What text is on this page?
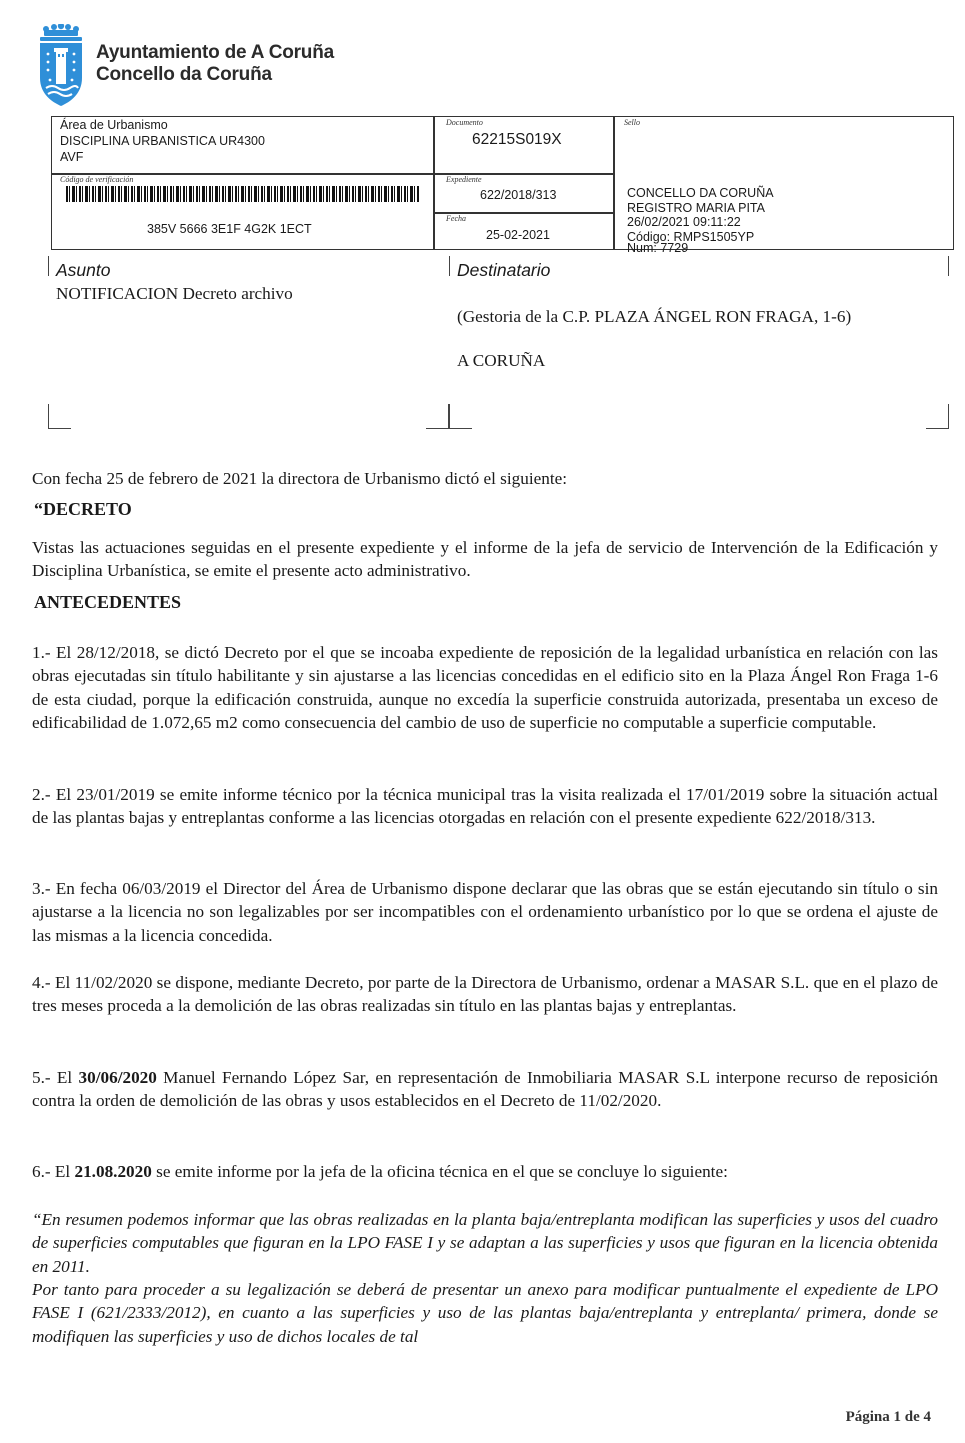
Ayuntamiento de A Coruña
Concello da Coruña
Área de Urbanismo
DISCIPLINA URBANISTICA UR4300
AVF
Documento
62215S019X
Sello
Código de verificación
385V 5666 3E1F 4G2K 1ECT
Expediente
622/2018/313
Fecha
25-02-2021
CONCELLO DA CORUÑA
REGISTRO MARIA PITA
26/02/2021 09:11:22
Código: RMPS1505YP
Num: 7729
Asunto
NOTIFICACION Decreto archivo
Destinatario
(Gestoria de la C.P. PLAZA ÁNGEL RON FRAGA, 1-6)
A CORUÑA
Con fecha 25 de febrero de 2021 la directora de Urbanismo dictó el siguiente:
“DECRETO
Vistas las actuaciones seguidas en el presente expediente y el informe de la jefa de servicio de Intervención de la Edificación y Disciplina Urbanística, se emite el presente acto administrativo.
ANTECEDENTES
1.- El 28/12/2018, se dictó Decreto por el que se incoaba expediente de reposición de la legalidad urbanística en relación con las obras ejecutadas sin título habilitante y sin ajustarse a las licencias concedidas en el edificio sito en la Plaza Ángel Ron Fraga 1-6 de esta ciudad, porque la edificación construida, aunque no excedía la superficie construida autorizada, presentaba un exceso de edificabilidad de 1.072,65 m2 como consecuencia del cambio de uso de superficie no computable a superficie computable.
2.- El 23/01/2019 se emite informe técnico por la técnica municipal tras la visita realizada el 17/01/2019 sobre la situación actual de las plantas bajas y entreplantas conforme a las licencias otorgadas en relación con el presente expediente 622/2018/313.
3.- En fecha 06/03/2019 el Director del Área de Urbanismo dispone declarar que las obras que se están ejecutando sin título o sin ajustarse a la licencia no son legalizables por ser incompatibles con el ordenamiento urbanístico por lo que se ordena el ajuste de las mismas a la licencia concedida.
4.- El 11/02/2020 se dispone, mediante Decreto, por parte de la Directora de Urbanismo, ordenar a MASAR S.L. que en el plazo de tres meses proceda a la demolición de las obras realizadas sin título en las plantas bajas y entreplantas.
5.- El 30/06/2020 Manuel Fernando López Sar, en representación de Inmobiliaria MASAR S.L interpone recurso de reposición contra la orden de demolición de las obras y usos establecidos en el Decreto de 11/02/2020.
6.- El 21.08.2020 se emite informe por la jefa de la oficina técnica en el que se concluye lo siguiente:
“En resumen podemos informar que las obras realizadas en la planta baja/entreplanta modifican las superficies y usos del cuadro de superficies computables que figuran en la LPO FASE I y se adaptan a las superficies y usos que figuran en la licencia obtenida en 2011.
Por tanto para proceder a su legalización se deberá de presentar un anexo para modificar puntualmente el expediente de LPO FASE I (621/2333/2012), en cuanto a las superficies y uso de las plantas baja/entreplanta y entreplanta/ primera, donde se modifiquen las superficies y uso de dichos locales de tal
Página 1 de 4
